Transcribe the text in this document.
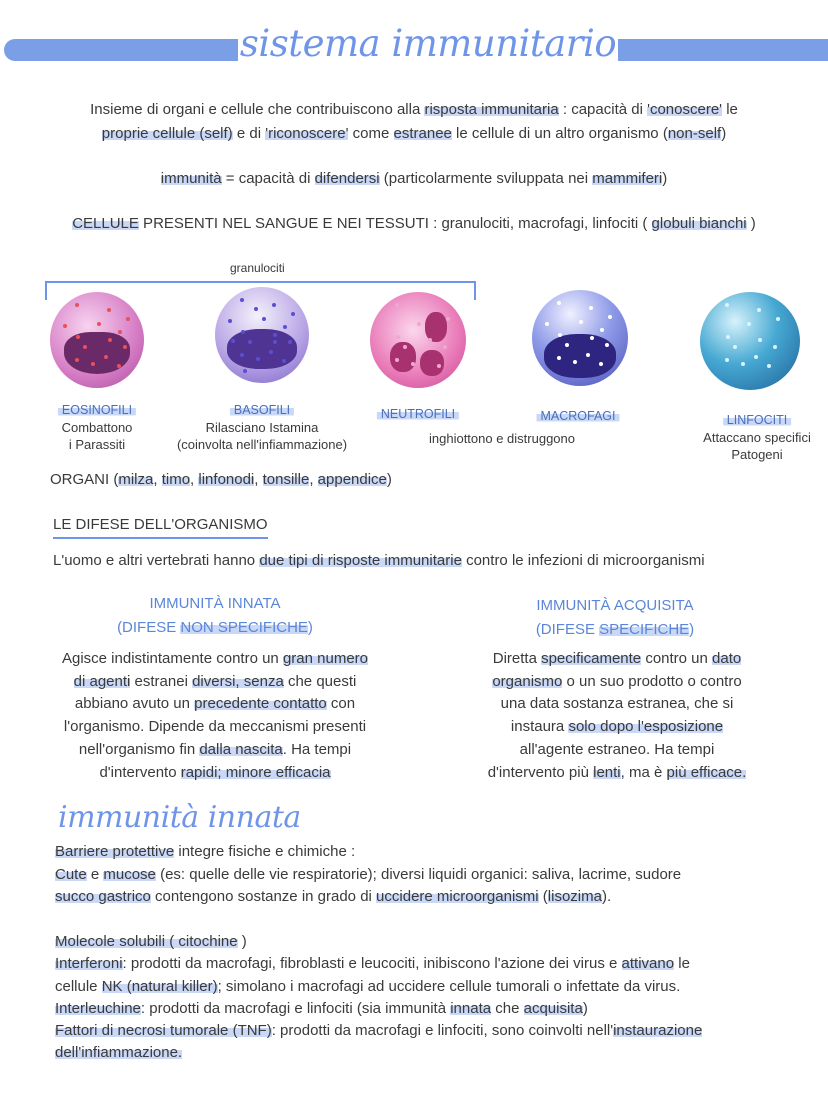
sistema immunitario
Insieme di organi e cellule che contribuiscono alla risposta immunitaria : capacità di 'conoscere' le
proprie cellule (self) e di 'riconoscere' come estranee le cellule di un altro organismo (non-self)
immunità = capacità di difendersi (particolarmente sviluppata nei mammiferi)
CELLULE PRESENTI NEL SANGUE E NEI TESSUTI : granulociti, macrofagi, linfociti ( globuli bianchi )
granulociti
EOSINOFILI
Combattono
i Parassiti
BASOFILI
Rilasciano Istamina
(coinvolta nell'infiammazione)
NEUTROFILI	MACROFAGI
inghiottono e distruggono
LINFOCITI
Attaccano specifici
Patogeni
ORGANI (milza, timo, linfonodi, tonsille, appendice)
LE DIFESE DELL'ORGANISMO
L'uomo e altri vertebrati hanno due tipi di risposte immunitarie contro le infezioni di microorganismi
IMMUNITÀ INNATA
(DIFESE NON SPECIFICHE)
Agisce indistintamente contro un gran numero
di agenti estranei diversi, senza che questi
abbiano avuto un precedente contatto con
l'organismo. Dipende da meccanismi presenti
nell'organismo fin dalla nascita. Ha tempi
d'intervento rapidi; minore efficacia
IMMUNITÀ ACQUISITA
(DIFESE SPECIFICHE)
Diretta specificamente contro un dato
organismo o un suo prodotto o contro
una data sostanza estranea, che si
instaura solo dopo l'esposizione
all'agente estraneo. Ha tempi
d'intervento più lenti, ma è più efficace.
immunità innata
Barriere protettive integre fisiche e chimiche :
Cute e mucose (es: quelle delle vie respiratorie); diversi liquidi organici: saliva, lacrime, sudore
succo gastrico contengono sostanze in grado di uccidere microorganismi (lisozima).
Molecole solubili ( citochine )
Interferoni: prodotti da macrofagi, fibroblasti e leucociti, inibiscono l'azione dei virus e attivano le
cellule NK (natural killer); simolano i macrofagi ad uccidere cellule tumorali o infettate da virus.
Interleuchine: prodotti da macrofagi e linfociti (sia immunità innata che acquisita)
Fattori di necrosi tumorale (TNF): prodotti da macrofagi e linfociti, sono coinvolti nell'instaurazione
dell'infiammazione.
